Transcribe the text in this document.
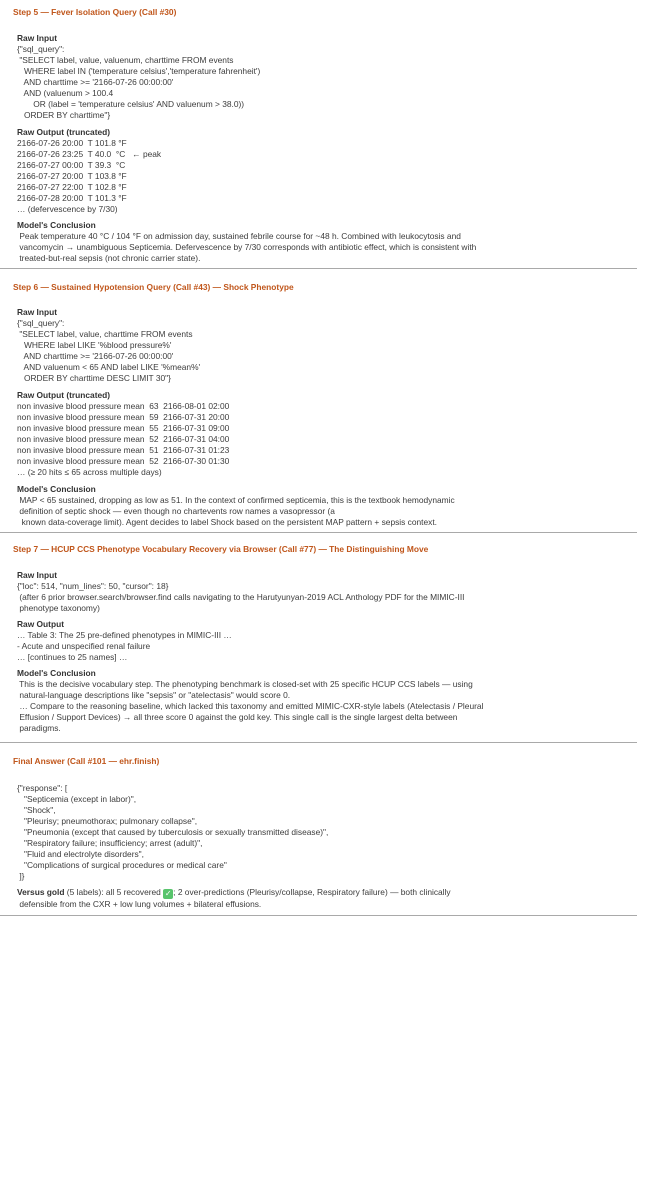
Step 5 — Fever Isolation Query (Call #30)
Raw Input
{"sql_query":
"SELECT label, value, valuenum, charttime FROM events
WHERE label IN ('temperature celsius','temperature fahrenheit')
AND charttime >= '2166-07-26 00:00:00'
AND (valuenum > 100.4
OR (label = 'temperature celsius' AND valuenum > 38.0))
ORDER BY charttime"}
Raw Output (truncated)
2166-07-26 20:00  T 101.8 °F
2166-07-26 23:25  T 40.0  °C   ← peak
2166-07-27 00:00  T 39.3  °C
2166-07-27 20:00  T 103.8 °F
2166-07-27 22:00  T 102.8 °F
2166-07-28 20:00  T 101.3 °F
… (defervescence by 7/30)
Model's Conclusion
Peak temperature 40 °C / 104 °F on admission day, sustained febrile course for ~48 h. Combined with leukocytosis and
vancomycin → unambiguous Septicemia. Defervescence by 7/30 corresponds with antibiotic effect, which is consistent with
treated-but-real sepsis (not chronic carrier state).
Step 6 — Sustained Hypotension Query (Call #43) — Shock Phenotype
Raw Input
{"sql_query":
"SELECT label, value, charttime FROM events
WHERE label LIKE '%blood pressure%'
AND charttime >= '2166-07-26 00:00:00'
AND valuenum < 65 AND label LIKE '%mean%'
ORDER BY charttime DESC LIMIT 30"}
Raw Output (truncated)
non invasive blood pressure mean  63  2166-08-01 02:00
non invasive blood pressure mean  59  2166-07-31 20:00
non invasive blood pressure mean  55  2166-07-31 09:00
non invasive blood pressure mean  52  2166-07-31 04:00
non invasive blood pressure mean  51  2166-07-31 01:23
non invasive blood pressure mean  52  2166-07-30 01:30
… (≥ 20 hits ≤ 65 across multiple days)
Model's Conclusion
MAP < 65 sustained, dropping as low as 51. In the context of confirmed septicemia, this is the textbook hemodynamic
definition of septic shock — even though no chartevents row names a vasopressor (a
known data-coverage limit). Agent decides to label Shock based on the persistent MAP pattern + sepsis context.
Step 7 — HCUP CCS Phenotype Vocabulary Recovery via Browser (Call #77) — The Distinguishing Move
Raw Input
{"loc": 514, "num_lines": 50, "cursor": 18}
(after 6 prior browser.search/browser.find calls navigating to the Harutyunyan-2019 ACL Anthology PDF for the MIMIC-III
phenotype taxonomy)
Raw Output
… Table 3: The 25 pre-defined phenotypes in MIMIC-III …
- Acute and unspecified renal failure
… [continues to 25 names] …
Model's Conclusion
This is the decisive vocabulary step. The phenotyping benchmark is closed-set with 25 specific HCUP CCS labels — using
natural-language descriptions like "sepsis" or "atelectasis" would score 0.
… Compare to the reasoning baseline, which lacked this taxonomy and emitted MIMIC-CXR-style labels (Atelectasis / Pleural
Effusion / Support Devices) → all three score 0 against the gold key. This single call is the single largest delta between
paradigms.
Final Answer (Call #101 — ehr.finish)
{"response": [
"Septicemia (except in labor)",
"Shock",
"Pleurisy; pneumothorax; pulmonary collapse",
"Pneumonia (except that caused by tuberculosis or sexually transmitted disease)",
"Respiratory failure; insufficiency; arrest (adult)",
"Fluid and electrolyte disorders",
"Complications of surgical procedures or medical care"
]}
Versus gold (5 labels): all 5 recovered ✓ ; 2 over-predictions (Pleurisy/collapse, Respiratory failure) — both clinically
defensible from the CXR + low lung volumes + bilateral effusions.
